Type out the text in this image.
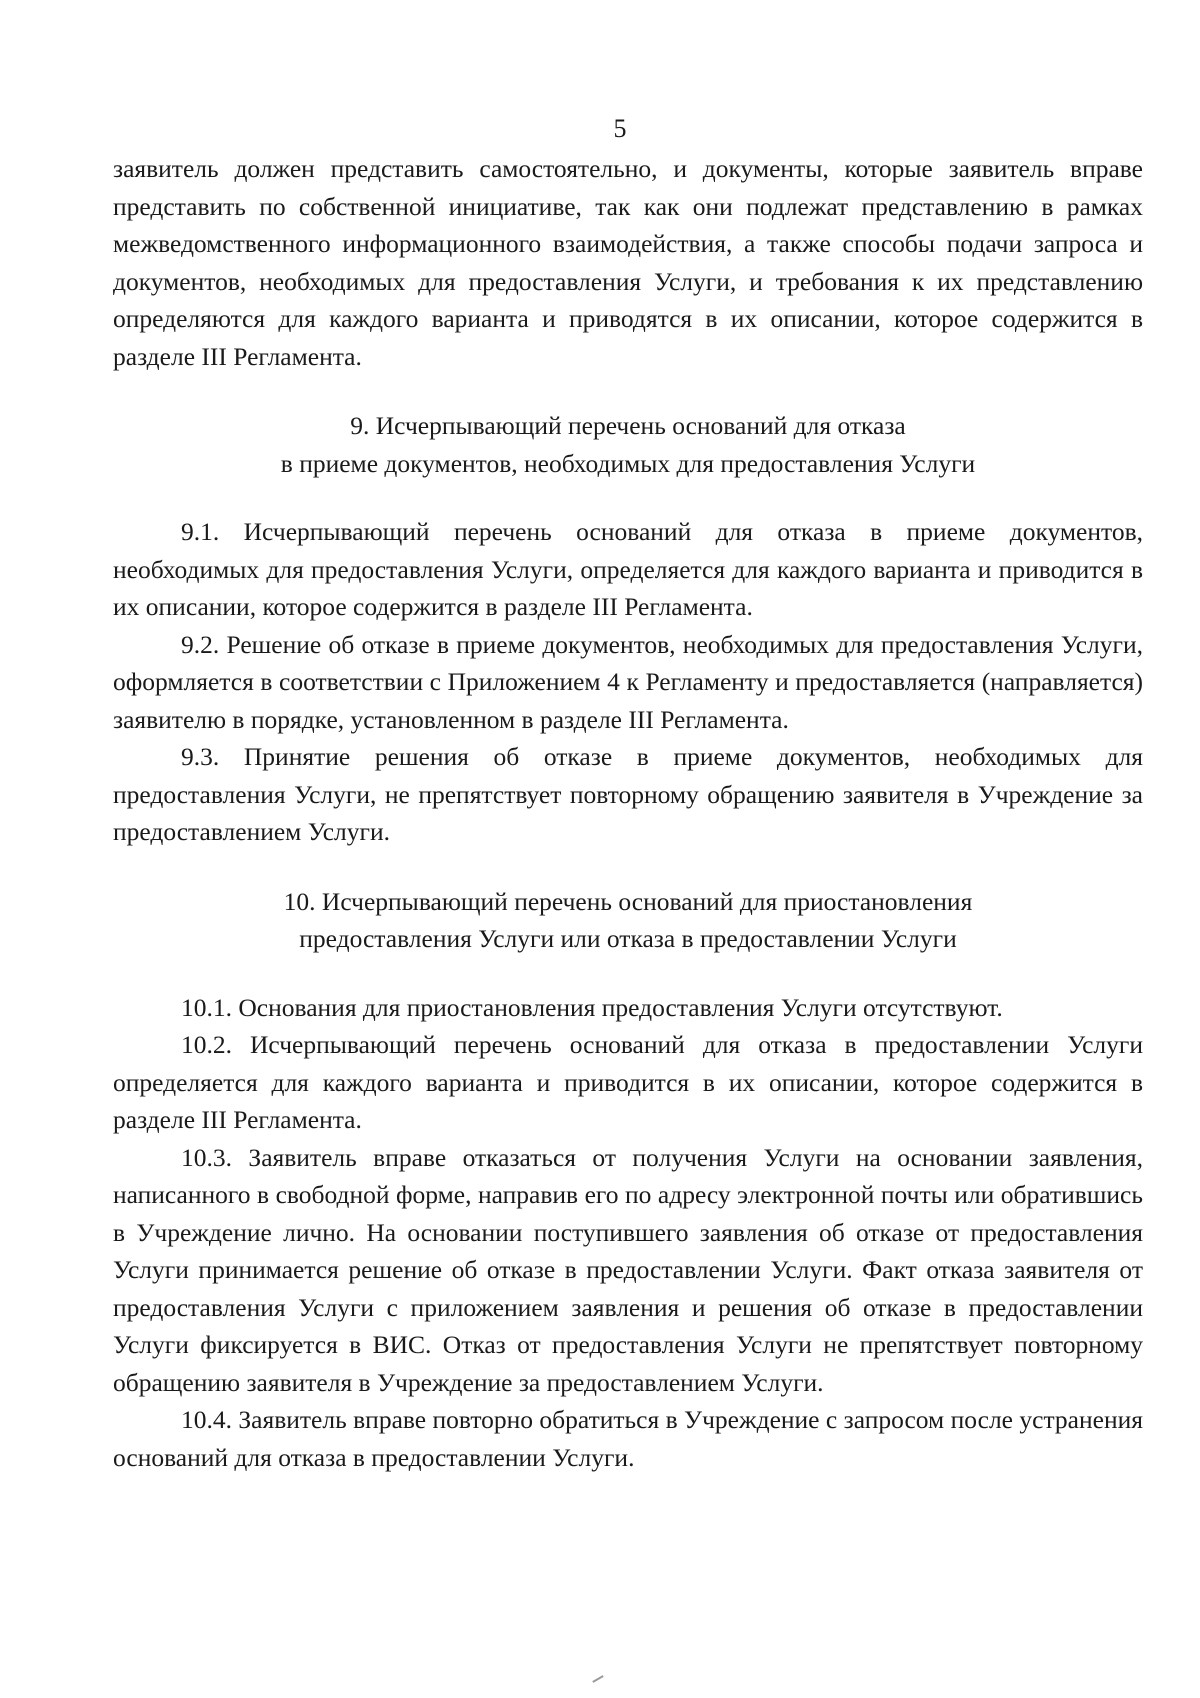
5

заявитель должен представить самостоятельно, и документы, которые заявитель вправе представить по собственной инициативе, так как они подлежат представлению в рамках межведомственного информационного взаимодействия, а также способы подачи запроса и документов, необходимых для предоставления Услуги, и требования к их представлению определяются для каждого варианта и приводятся в их описании, которое содержится в разделе III Регламента.

9. Исчерпывающий перечень оснований для отказа
в приеме документов, необходимых для предоставления Услуги

9.1. Исчерпывающий перечень оснований для отказа в приеме документов, необходимых для предоставления Услуги, определяется для каждого варианта и приводится в их описании, которое содержится в разделе III Регламента.

9.2. Решение об отказе в приеме документов, необходимых для предоставления Услуги, оформляется в соответствии с Приложением 4 к Регламенту и предоставляется (направляется) заявителю в порядке, установленном в разделе III Регламента.

9.3. Принятие решения об отказе в приеме документов, необходимых для предоставления Услуги, не препятствует повторному обращению заявителя в Учреждение за предоставлением Услуги.

10. Исчерпывающий перечень оснований для приостановления
предоставления Услуги или отказа в предоставлении Услуги

10.1. Основания для приостановления предоставления Услуги отсутствуют.

10.2. Исчерпывающий перечень оснований для отказа в предоставлении Услуги определяется для каждого варианта и приводится в их описании, которое содержится в разделе III Регламента.

10.3. Заявитель вправе отказаться от получения Услуги на основании заявления, написанного в свободной форме, направив его по адресу электронной почты или обратившись в Учреждение лично. На основании поступившего заявления об отказе от предоставления Услуги принимается решение об отказе в предоставлении Услуги. Факт отказа заявителя от предоставления Услуги с приложением заявления и решения об отказе в предоставлении Услуги фиксируется в ВИС. Отказ от предоставления Услуги не препятствует повторному обращению заявителя в Учреждение за предоставлением Услуги.

10.4. Заявитель вправе повторно обратиться в Учреждение с запросом после устранения оснований для отказа в предоставлении Услуги.
